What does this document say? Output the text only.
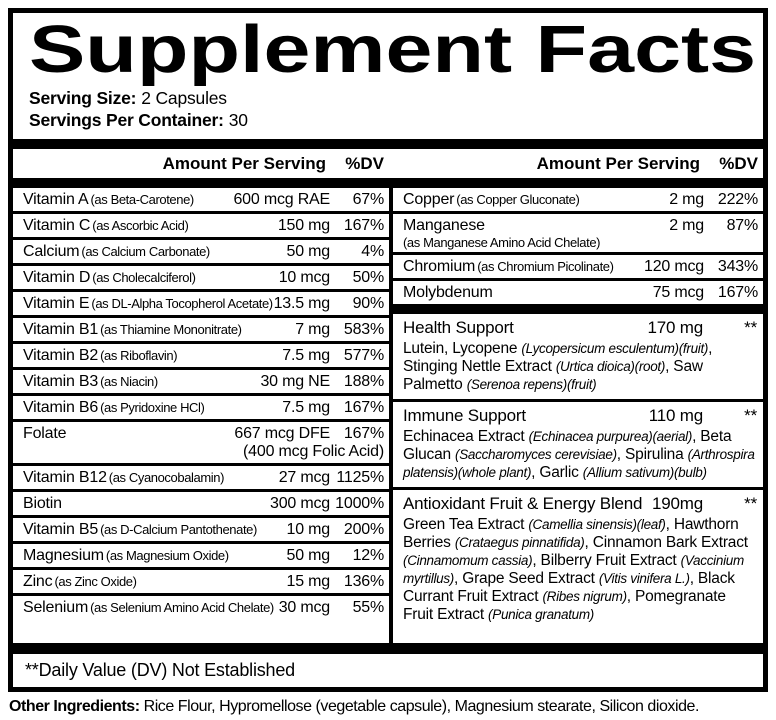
Supplement Facts
Serving Size: 2 Capsules
Servings Per Container: 30
Amount Per Serving	%DV	Amount Per Serving	%DV
Vitamin A (as Beta-Carotene)	600 mcg RAE	67%
Vitamin C (as Ascorbic Acid)	150 mg 167%
Calcium (as Calcium Carbonate)	50 mg	4%
Vitamin D (as Cholecalciferol)	10 mcg	50%
Vitamin E (as DL-Alpha Tocopherol Acetate) 13.5 mg	90%
Vitamin B1 (as Thiamine Mononitrate)	7 mg 583%
Vitamin B2 (as Riboflavin)	7.5 mg 577%
Vitamin B3 (as Niacin)	30 mg NE 188%
Vitamin B6 (as Pyridoxine HCl)	7.5 mg 167%
Folate	667 mcg DFE 167%
(400 mcg Folic Acid)
Vitamin B12 (as Cyanocobalamin)	27 mcg 1125%
Biotin	300 mcg 1000%
Vitamin B5 (as D-Calcium Pantothenate)	10 mg 200%
Magnesium (as Magnesium Oxide)	50 mg	12%
Zinc (as Zinc Oxide)	15 mg 136%
Selenium (as Selenium Amino Acid Chelate) 30 mcg	55%
Copper (as Copper Gluconate)	2 mg 222%
Manganese	2 mg	87%
(as Manganese Amino Acid Chelate)
Chromium (as Chromium Picolinate)	120 mcg 343%
Molybdenum	75 mcg 167%
Health Support	170 mg	**
Lutein, Lycopene (Lycopersicum esculentum)(fruit), Stinging Nettle Extract (Urtica dioica)(root), Saw Palmetto (Serenoa repens)(fruit)
Immune Support	110 mg	**
Echinacea Extract (Echinacea purpurea)(aerial), Beta Glucan (Saccharomyces cerevisiae), Spirulina (Arthrospira platensis)(whole plant), Garlic (Allium sativum)(bulb)
Antioxidant Fruit & Energy Blend 190mg	**
Green Tea Extract (Camellia sinensis)(leaf), Hawthorn Berries (Crataegus pinnatifida), Cinnamon Bark Extract (Cinnamomum cassia), Bilberry Fruit Extract (Vaccinium myrtillus), Grape Seed Extract (Vitis vinifera L.), Black Currant Fruit Extract (Ribes nigrum), Pomegranate Fruit Extract (Punica granatum)
**Daily Value (DV) Not Established
Other Ingredients: Rice Flour, Hypromellose (vegetable capsule), Magnesium stearate, Silicon dioxide.
